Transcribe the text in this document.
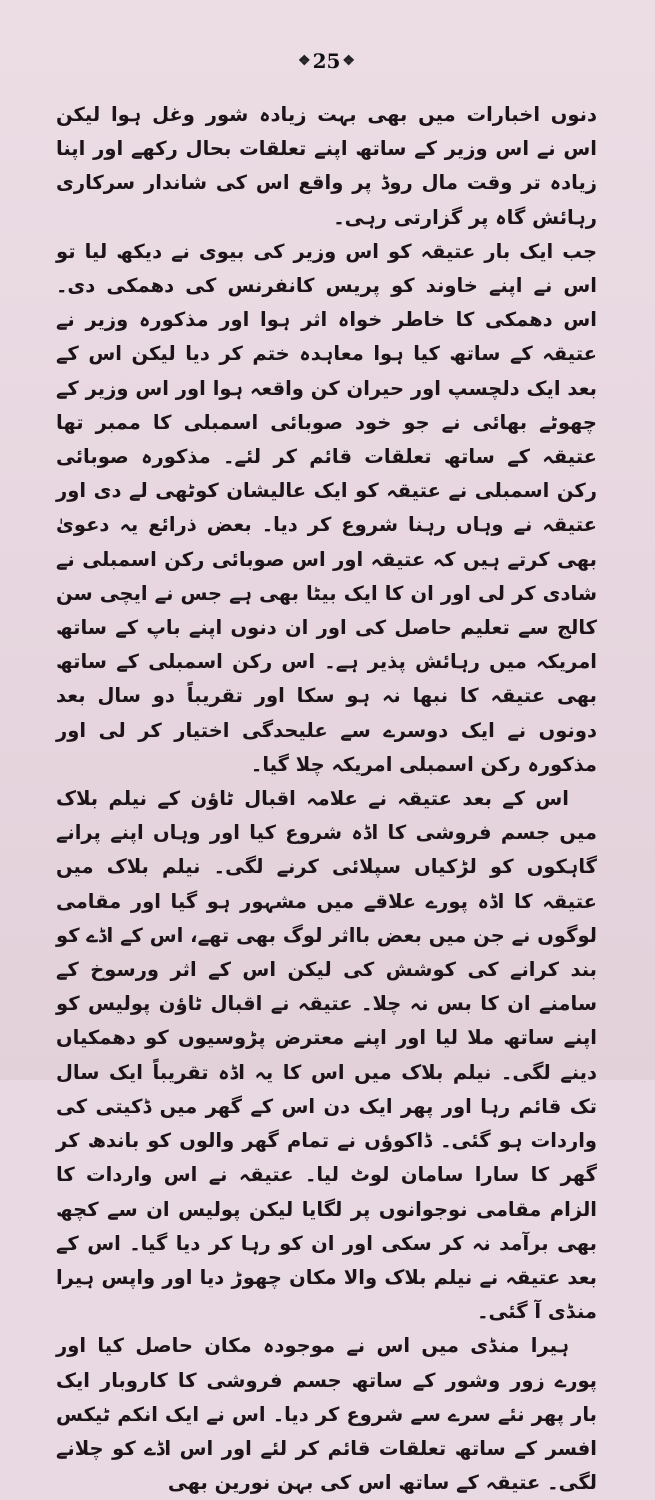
❖ 25 ❖

دنوں اخبارات میں بھی بہت زیادہ شور وغل ہوا لیکن اس نے اس وزیر کے ساتھ اپنے تعلقات بحال رکھے اور اپنا زیادہ تر وقت مال روڈ پر واقع اس کی شاندار سرکاری رہائش گاہ پر گزارتی رہی۔

جب ایک بار عتیقہ کو اس وزیر کی بیوی نے دیکھ لیا تو اس نے اپنے خاوند کو پریس کانفرنس کی دھمکی دی۔ اس دھمکی کا خاطر خواہ اثر ہوا اور مذکورہ وزیر نے عتیقہ کے ساتھ کیا ہوا معاہدہ ختم کر دیا لیکن اس کے بعد ایک دلچسپ اور حیران کن واقعہ ہوا اور اس وزیر کے چھوٹے بھائی نے جو خود صوبائی اسمبلی کا ممبر تھا عتیقہ کے ساتھ تعلقات قائم کر لئے۔ مذکورہ صوبائی رکن اسمبلی نے عتیقہ کو ایک عالیشان کوٹھی لے دی اور عتیقہ نے وہاں رہنا شروع کر دیا۔ بعض ذرائع یہ دعویٰ بھی کرتے ہیں کہ عتیقہ اور اس صوبائی رکن اسمبلی نے شادی کر لی اور ان کا ایک بیٹا بھی ہے جس نے ایچی سن کالج سے تعلیم حاصل کی اور ان دنوں اپنے باپ کے ساتھ امریکہ میں رہائش پذیر ہے۔ اس رکن اسمبلی کے ساتھ بھی عتیقہ کا نبھا نہ ہو سکا اور تقریباً دو سال بعد دونوں نے ایک دوسرے سے علیحدگی اختیار کر لی اور مذکورہ رکن اسمبلی امریکہ چلا گیا۔

اس کے بعد عتیقہ نے علامہ اقبال ٹاؤن کے نیلم بلاک میں جسم فروشی کا اڈہ شروع کیا اور وہاں اپنے پرانے گاہکوں کو لڑکیاں سپلائی کرنے لگی۔ نیلم بلاک میں عتیقہ کا اڈہ پورے علاقے میں مشہور ہو گیا اور مقامی لوگوں نے جن میں بعض بااثر لوگ بھی تھے، اس کے اڈے کو بند کرانے کی کوشش کی لیکن اس کے اثر ورسوخ کے سامنے ان کا بس نہ چلا۔ عتیقہ نے اقبال ٹاؤن پولیس کو اپنے ساتھ ملا لیا اور اپنے معترض پڑوسیوں کو دھمکیاں دینے لگی۔ نیلم بلاک میں اس کا یہ اڈہ تقریباً ایک سال تک قائم رہا اور پھر ایک دن اس کے گھر میں ڈکیتی کی واردات ہو گئی۔ ڈاکوؤں نے تمام گھر والوں کو باندھ کر گھر کا سارا سامان لوٹ لیا۔ عتیقہ نے اس واردات کا الزام مقامی نوجوانوں پر لگایا لیکن پولیس ان سے کچھ بھی برآمد نہ کر سکی اور ان کو رہا کر دیا گیا۔ اس کے بعد عتیقہ نے نیلم بلاک والا مکان چھوڑ دیا اور واپس ہیرا منڈی آ گئی۔

ہیرا منڈی میں اس نے موجودہ مکان حاصل کیا اور پورے زور وشور کے ساتھ جسم فروشی کا کاروبار ایک بار پھر نئے سرے سے شروع کر دیا۔ اس نے ایک انکم ٹیکس افسر کے ساتھ تعلقات قائم کر لئے اور اس اڈے کو چلانے لگی۔ عتیقہ کے ساتھ اس کی بہن نورین بھی
